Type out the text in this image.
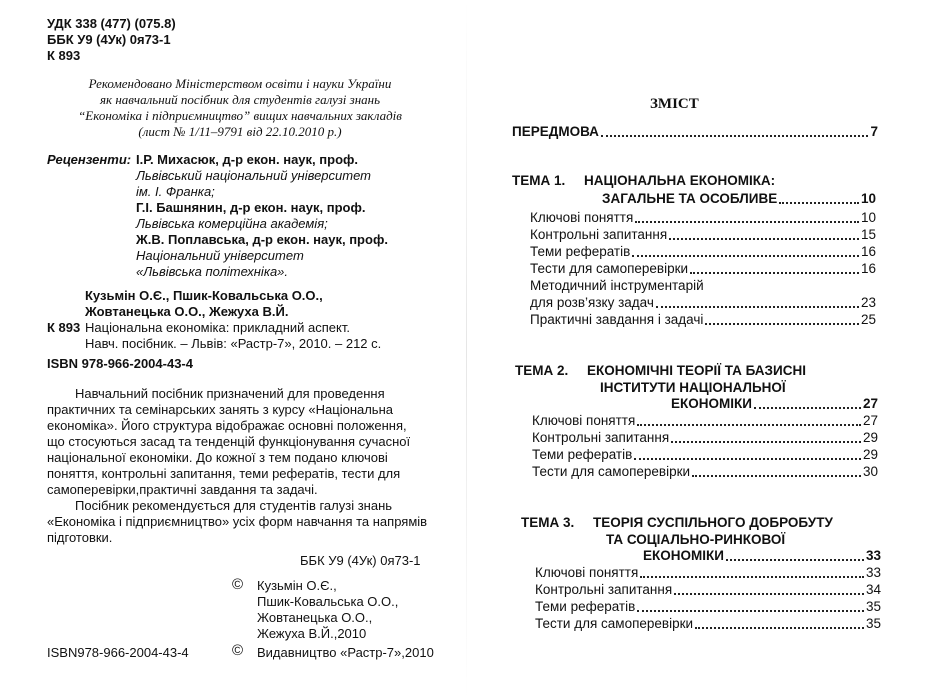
УДК 338 (477) (075.8)
ББК У9 (4Ук) 0я73-1
К 893
Рекомендовано Міністерством освіти і науки України
як навчальний посібник для студентів галузі знань
“Економіка і підприємництво” вищих навчальних закладів
(лист № 1/11–9791 від 22.10.2010 р.)
Рецензенти: І.Р. Михасюк, д-р екон. наук, проф.
Львівський національний університет
ім. І. Франка;
Г.І. Башнянин, д-р екон. наук, проф.
Львівська комерційна академія;
Ж.В. Поплавська, д-р екон. наук, проф.
Національний університет
«Львівська політехніка».
Кузьмін О.Є., Пшик-Ковальська О.О.,
Жовтанецька О.О., Жежуха В.Й.
К 893 Національна економіка: прикладний аспект.
Навч. посібник. – Львів: «Растр-7», 2010. – 212 с.
ISBN 978-966-2004-43-4
Навчальний посібник призначений для проведення
практичних та семінарських занять з курсу «Національна
економіка». Його структура відображає основні положення,
що стосуються засад та тенденцій функціонування сучасної
національної економіки. До кожної з тем подано ключові
поняття, контрольні запитання, теми рефератів, тести для
самоперевірки,практичні завдання та задачі.
Посібник рекомендується для студентів галузі знань
«Економіка і підприємництво» усіх форм навчання та напрямів
підготовки.
ББК У9 (4Ук) 0я73-1
© Кузьмін О.Є.,
Пшик-Ковальська О.О.,
Жовтанецька О.О.,
Жежуха В.Й.,2010
ISBN978-966-2004-43-4	© Видавництво «Растр-7»,2010
ЗМІСТ
ПЕРЕДМОВА	7
ТЕМА 1. НАЦІОНАЛЬНА ЕКОНОМІКА:
ЗАГАЛЬНЕ ТА ОСОБЛИВЕ	10
Ключові поняття	10
Контрольні запитання	15
Теми рефератів	16
Тести для самоперевірки	16
Методичний інструментарій
для розв’язку задач	23
Практичні завдання і задачі	25
ТЕМА 2. ЕКОНОМІЧНІ ТЕОРІЇ ТА БАЗИСНІ
ІНСТИТУТИ НАЦІОНАЛЬНОЇ
ЕКОНОМІКИ	27
Ключові поняття	27
Контрольні запитання	29
Теми рефератів	29
Тести для самоперевірки	30
ТЕМА 3. ТЕОРІЯ СУСПІЛЬНОГО ДОБРОБУТУ
ТА СОЦІАЛЬНО-РИНКОВОЇ
ЕКОНОМІКИ	33
Ключові поняття	33
Контрольні запитання	34
Теми рефератів	35
Тести для самоперевірки	35
